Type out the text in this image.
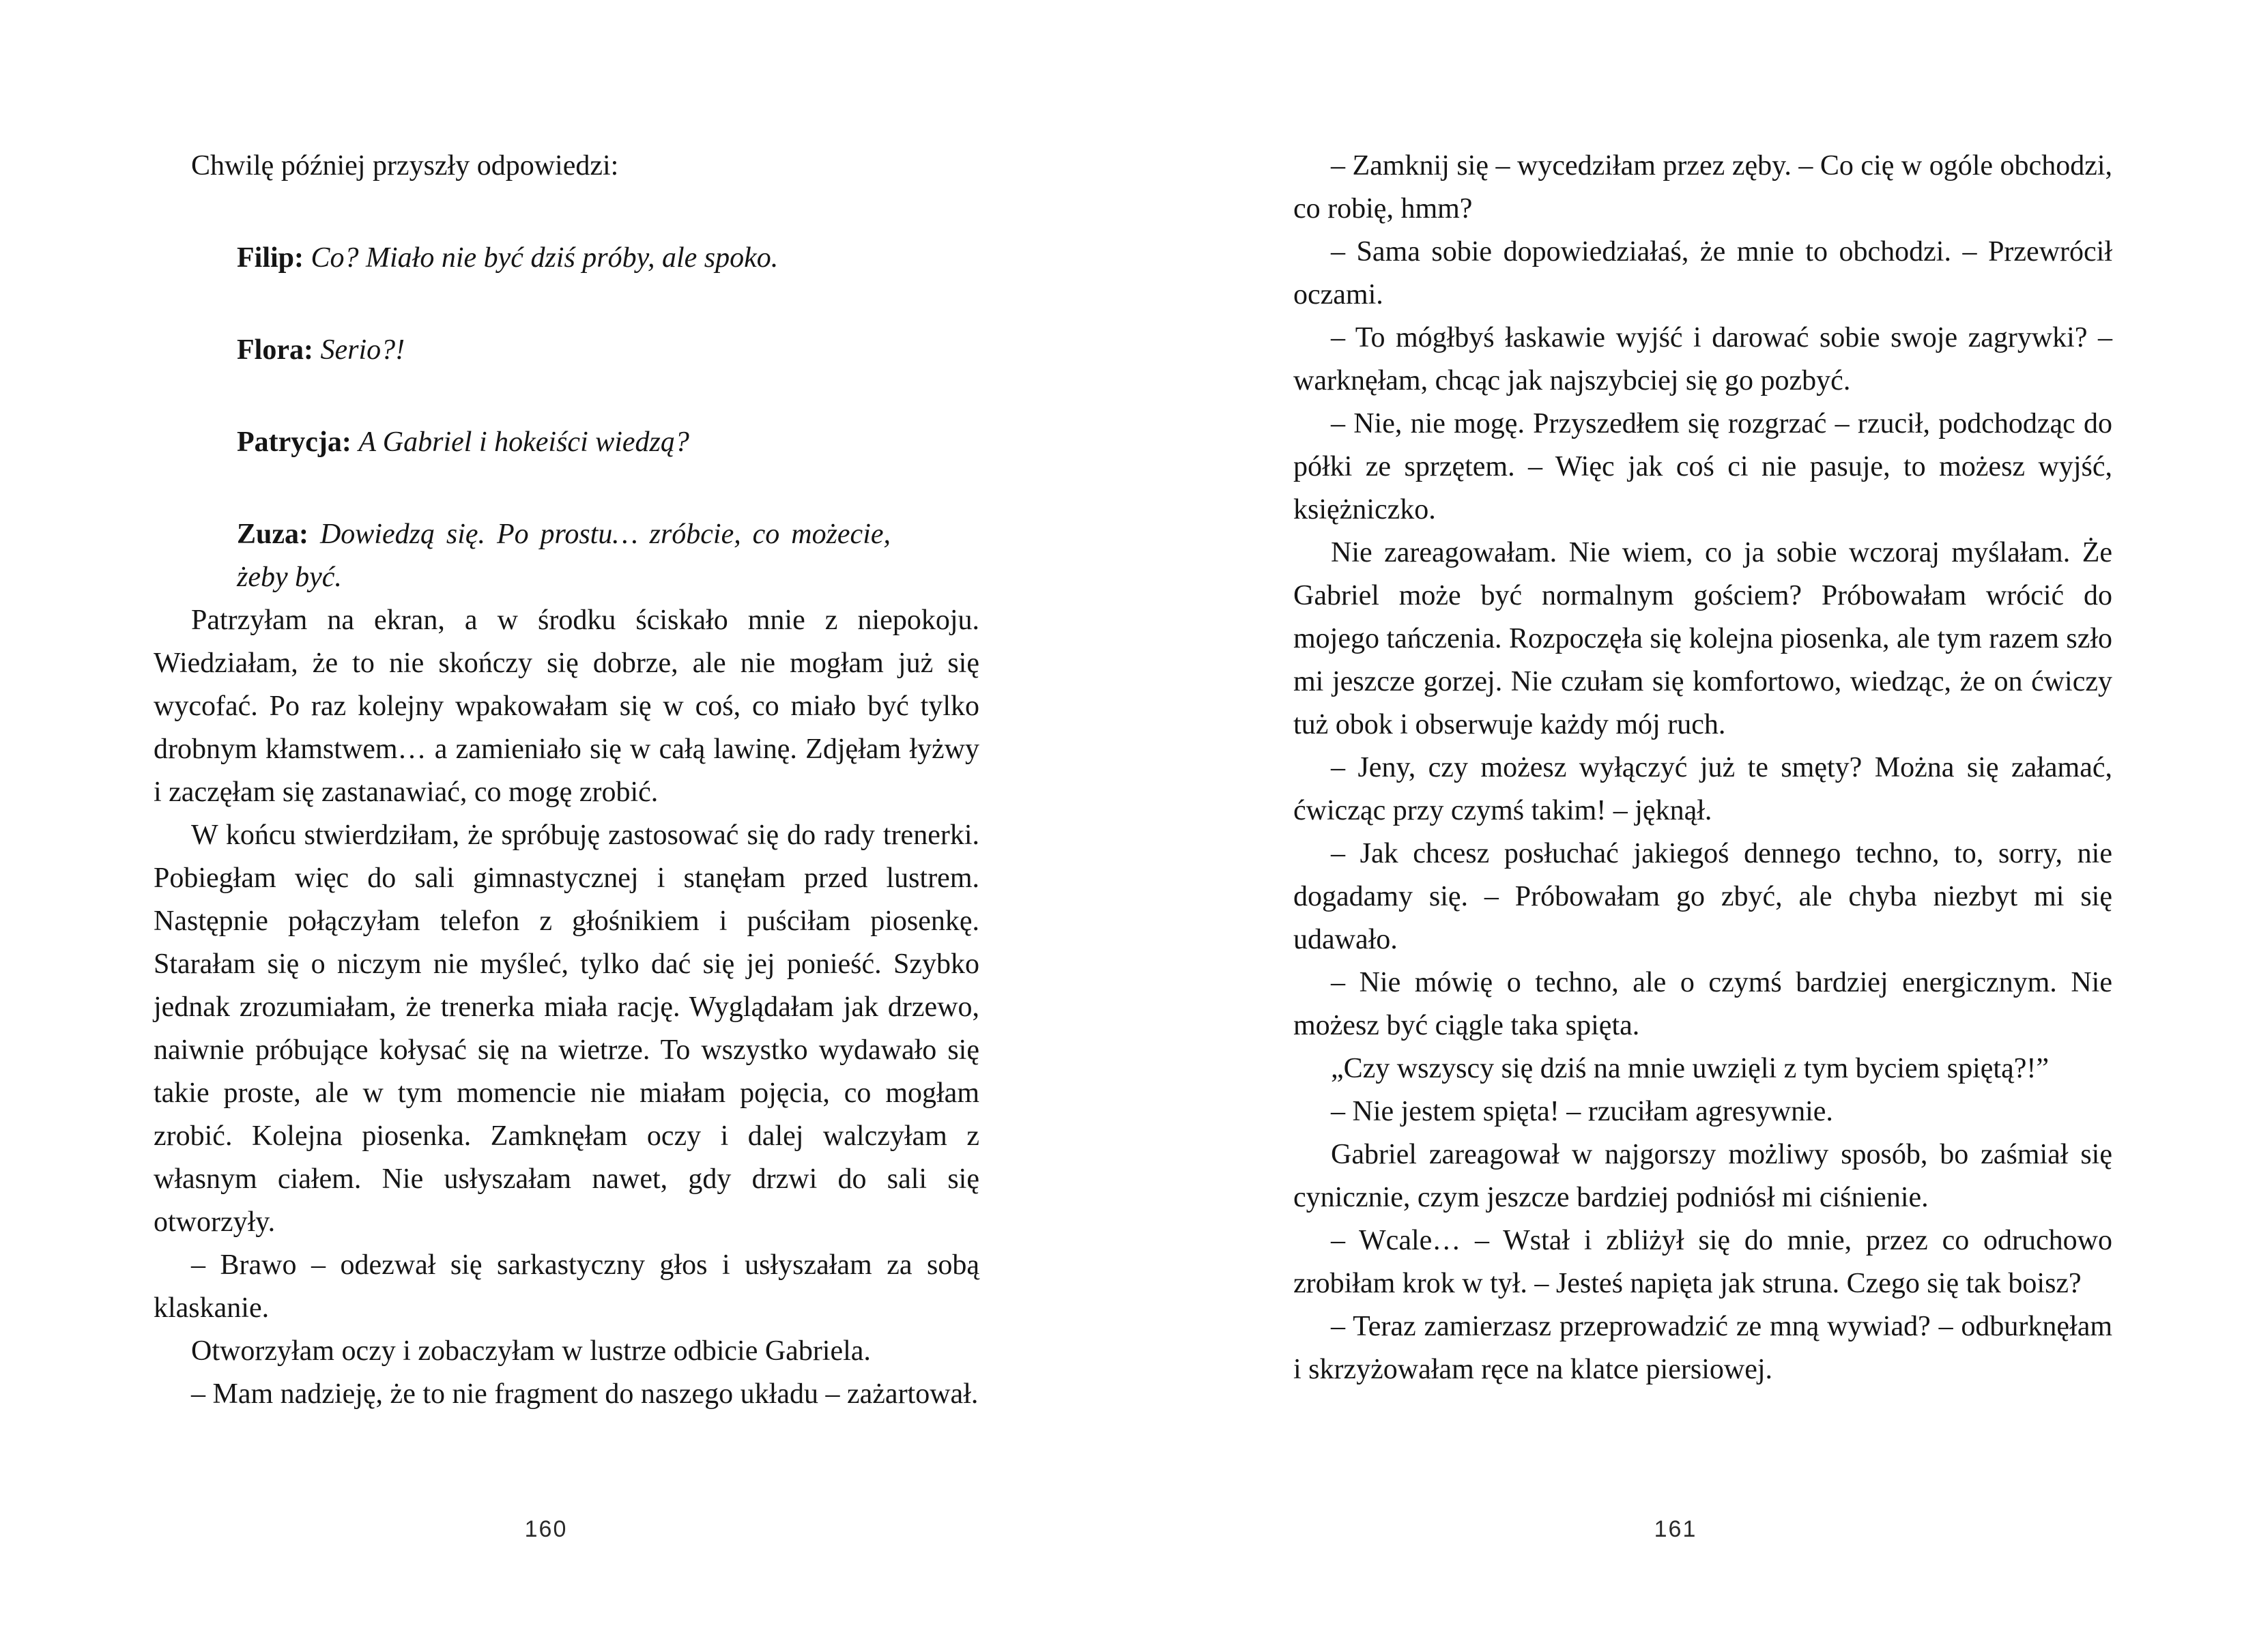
Chwilę później przyszły odpowiedzi:

Filip: Co? Miało nie być dziś próby, ale spoko.

Flora: Serio?!

Patrycja: A Gabriel i hokeiści wiedzą?

Zuza: Dowiedzą się. Po prostu… zróbcie, co możecie, żeby być.

Patrzyłam na ekran, a w środku ściskało mnie z niepokoju. Wiedziałam, że to nie skończy się dobrze, ale nie mogłam już się wycofać. Po raz kolejny wpakowałam się w coś, co miało być tylko drobnym kłamstwem… a zamieniało się w całą lawinę. Zdjęłam łyżwy i zaczęłam się zastanawiać, co mogę zrobić.

W końcu stwierdziłam, że spróbuję zastosować się do rady trenerki. Pobiegłam więc do sali gimnastycznej i stanęłam przed lustrem. Następnie połączyłam telefon z głośnikiem i puściłam piosenkę. Starałam się o niczym nie myśleć, tylko dać się jej ponieść. Szybko jednak zrozumiałam, że trenerka miała rację. Wyglądałam jak drzewo, naiwnie próbujące kołysać się na wietrze. To wszystko wydawało się takie proste, ale w tym momencie nie miałam pojęcia, co mogłam zrobić. Kolejna piosenka. Zamknęłam oczy i dalej walczyłam z własnym ciałem. Nie usłyszałam nawet, gdy drzwi do sali się otworzyły.

– Brawo – odezwał się sarkastyczny głos i usłyszałam za sobą klaskanie.

Otworzyłam oczy i zobaczyłam w lustrze odbicie Gabriela.

– Mam nadzieję, że to nie fragment do naszego układu – zażartował.

– Zamknij się – wycedziłam przez zęby. – Co cię w ogóle obchodzi, co robię, hmm?

– Sama sobie dopowiedziałaś, że mnie to obchodzi. – Przewrócił oczami.

– To mógłbyś łaskawie wyjść i darować sobie swoje zagrywki? – warknęłam, chcąc jak najszybciej się go pozbyć.

– Nie, nie mogę. Przyszedłem się rozgrzać – rzucił, podchodząc do półki ze sprzętem. – Więc jak coś ci nie pasuje, to możesz wyjść, księżniczko.

Nie zareagowałam. Nie wiem, co ja sobie wczoraj myślałam. Że Gabriel może być normalnym gościem? Próbowałam wrócić do mojego tańczenia. Rozpoczęła się kolejna piosenka, ale tym razem szło mi jeszcze gorzej. Nie czułam się komfortowo, wiedząc, że on ćwiczy tuż obok i obserwuje każdy mój ruch.

– Jeny, czy możesz wyłączyć już te smęty? Można się załamać, ćwicząc przy czymś takim! – jęknął.

– Jak chcesz posłuchać jakiegoś dennego techno, to, sorry, nie dogadamy się. – Próbowałam go zbyć, ale chyba niezbyt mi się udawało.

– Nie mówię o techno, ale o czymś bardziej energicznym. Nie możesz być ciągle taka spięta.

„Czy wszyscy się dziś na mnie uwzięli z tym byciem spiętą?!”

– Nie jestem spięta! – rzuciłam agresywnie.

Gabriel zareagował w najgorszy możliwy sposób, bo zaśmiał się cynicznie, czym jeszcze bardziej podniósł mi ciśnienie.

– Wcale… – Wstał i zbliżył się do mnie, przez co odruchowo zrobiłam krok w tył. – Jesteś napięta jak struna. Czego się tak boisz?

– Teraz zamierzasz przeprowadzić ze mną wywiad? – odburknęłam i skrzyżowałam ręce na klatce piersiowej.

160	161
